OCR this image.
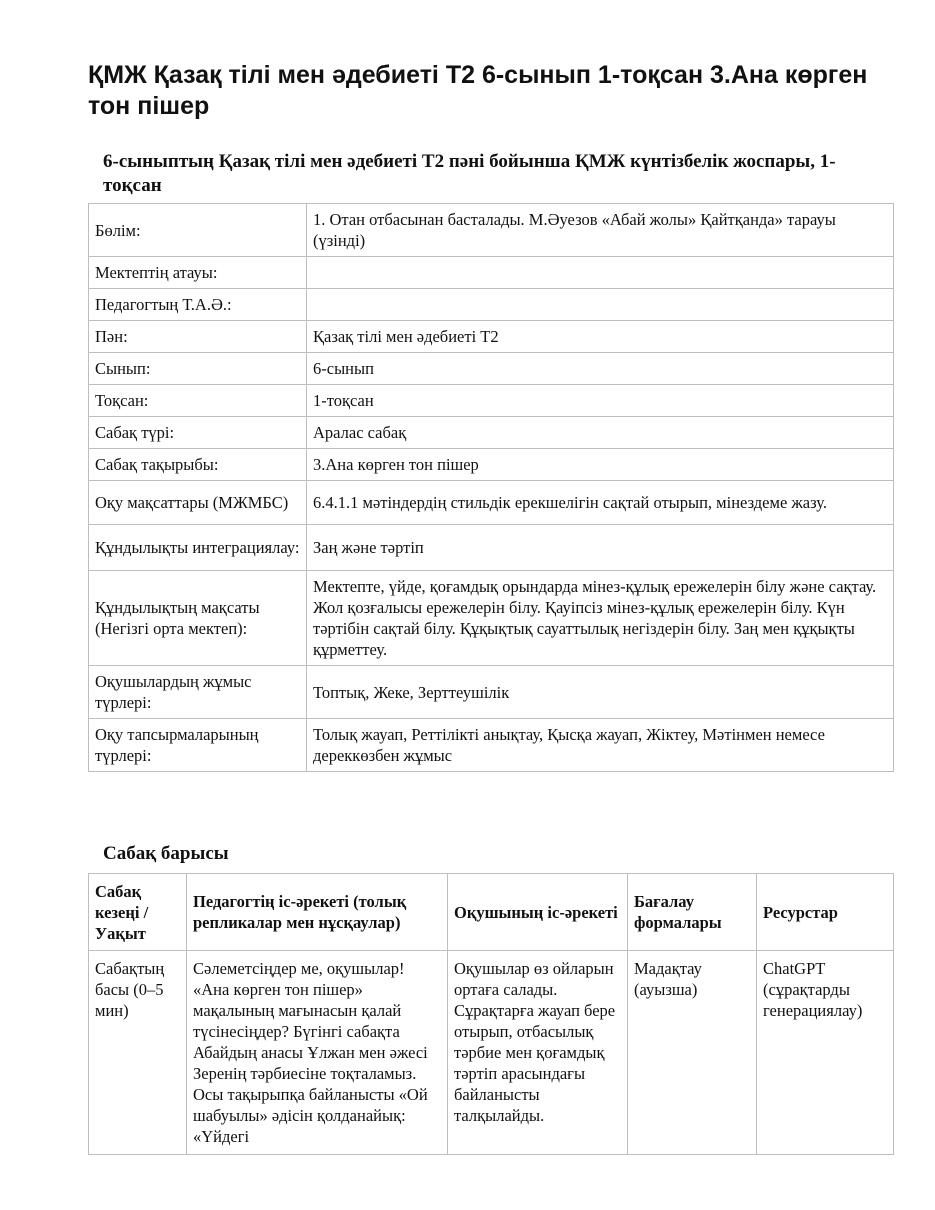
ҚМЖ Қазақ тілі мен әдебиеті Т2 6-сынып 1-тоқсан 3.Ана көрген тон пішер

6-сыныптың Қазақ тілі мен әдебиеті Т2 пәні бойынша ҚМЖ күнтізбелік жоспары, 1-тоқсан

Бөлім:	1. Отан отбасынан басталады. М.Әуезов «Абай жолы» Қайтқанда» тарауы (үзінді)
Мектептің атауы:	
Педагогтың Т.А.Ә.:	
Пән:	Қазақ тілі мен әдебиеті Т2
Сынып:	6-сынып
Тоқсан:	1-тоқсан
Сабақ түрі:	Аралас сабақ
Сабақ тақырыбы:	3.Ана көрген тон пішер
Оқу мақсаттары (МЖМБС)	6.4.1.1 мәтіндердің стильдік ерекшелігін сақтай отырып, мінездеме жазу.
Құндылықты интеграциялау:	Заң және тәртіп
Құндылықтың мақсаты (Негізгі орта мектеп):	Мектепте, үйде, қоғамдық орындарда мінез-құлық ережелерін білу және сақтау. Жол қозғалысы ережелерін білу. Қауіпсіз мінез-құлық ережелерін білу. Күн тәртібін сақтай білу. Құқықтық сауаттылық негіздерін білу. Заң мен құқықты құрметтеу.
Оқушылардың жұмыс түрлері:	Топтық, Жеке, Зерттеушілік
Оқу тапсырмаларының түрлері:	Толық жауап, Реттілікті анықтау, Қысқа жауап, Жіктеу, Мәтінмен немесе дереккөзбен жұмыс
Сабақ барысы
Сабақ кезеңі / Уақыт	Педагогтің іс-әрекеті (толық репликалар мен нұсқаулар)	Оқушының іс-әрекеті	Бағалау формалары	Ресурстар
Сабақтың басы (0–5 мин)	Сәлеметсіңдер ме, оқушылар! «Ана көрген тон пішер» мақалының мағынасын қалай түсінесіңдер? Бүгінгі сабақта Абайдың анасы Ұлжан мен әжесі Зеренің тәрбиесіне тоқталамыз. Осы тақырыпқа байланысты «Ой шабуылы» әдісін қолданайық: «Үйдегі	Оқушылар өз ойларын ортаға салады. Сұрақтарға жауап бере отырып, отбасылық тәрбие мен қоғамдық тәртіп арасындағы байланысты талқылайды.	Мадақтау (ауызша)	ChatGPT (сұрақтарды генерациялау)
